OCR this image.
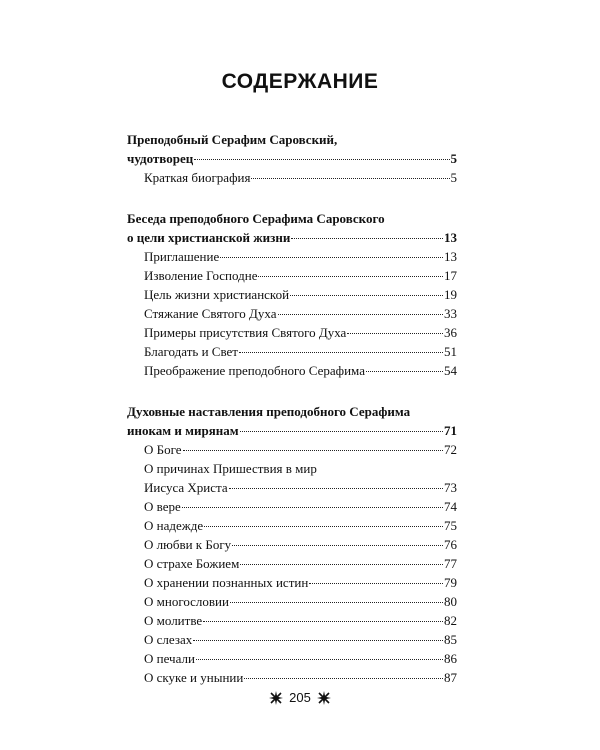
СОДЕРЖАНИЕ
Преподобный Серафим Саровский,
чудотворец	5
Краткая биография	5
Беседа преподобного Серафима Саровского
о цели христианской жизни	13
Приглашение	13
Изволение Господне	17
Цель жизни христианской	19
Стяжание Святого Духа	33
Примеры присутствия Святого Духа	36
Благодать и Свет	51
Преображение преподобного Серафима	54
Духовные наставления преподобного Серафима
инокам и мирянам	71
О Боге	72
О причинах Пришествия в мир
Иисуса Христа	73
О вере	74
О надежде	75
О любви к Богу	76
О страхе Божием	77
О хранении познанных истин	79
О многословии	80
О молитве	82
О слезах	85
О печали	86
О скуке и унынии	87
205
